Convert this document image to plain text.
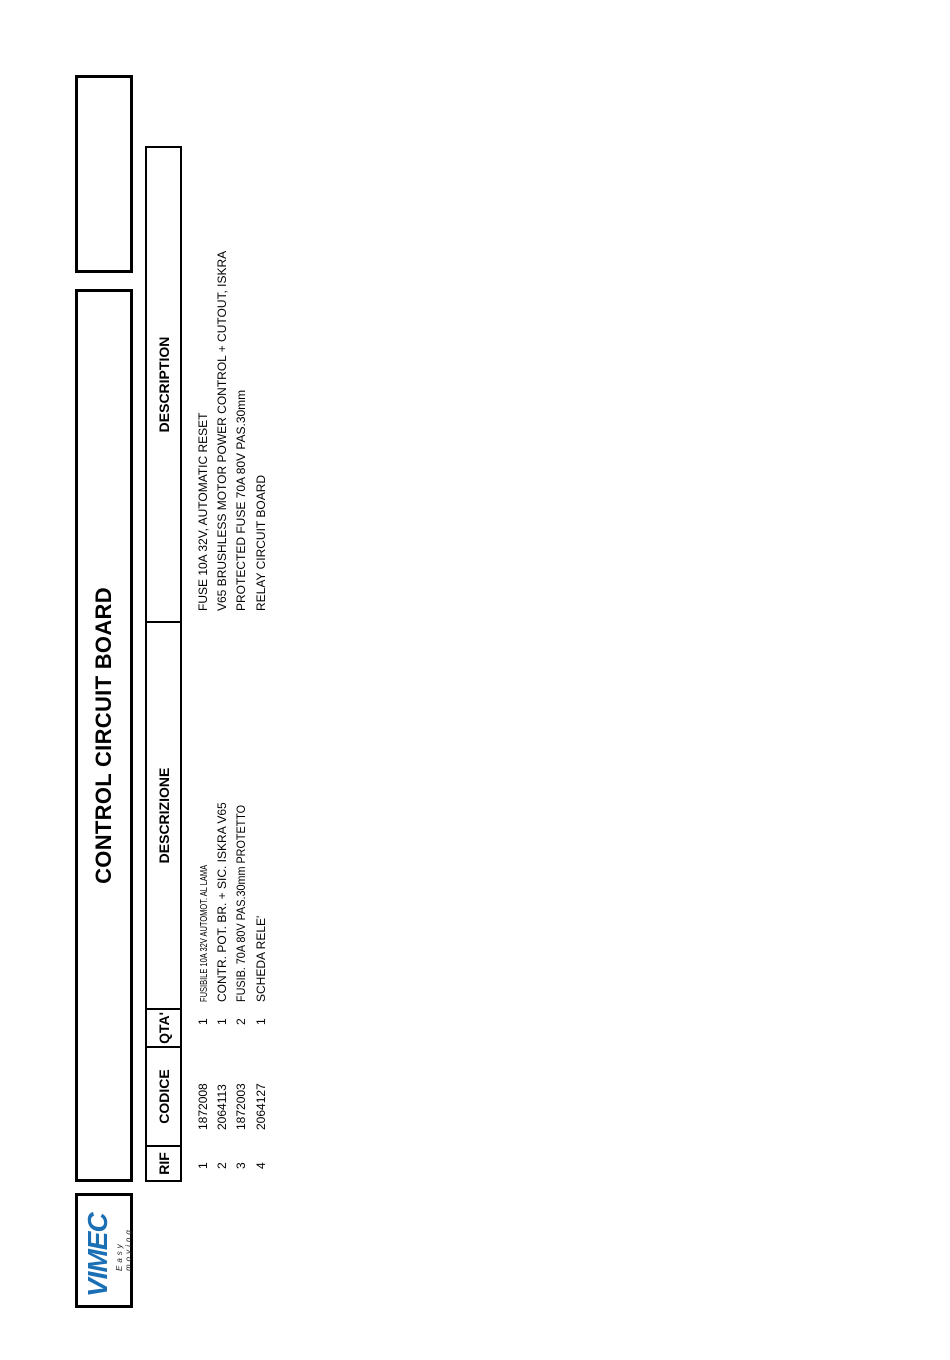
VIMEC Easy moving
CONTROL CIRCUIT BOARD
RIF
CODICE
QTA'
DESCRIZIONE
DESCRIPTION
1
1872008
1
FUSIBILE 10A 32V AUTOMOT. AL LAMA
FUSE 10A 32V, AUTOMATIC RESET
2
2064113
1
CONTR. POT. BR. + SIC. ISKRA V65
V65 BRUSHLESS MOTOR POWER CONTROL + CUTOUT, ISKRA
3
1872003
2
FUSIB. 70A 80V PAS.30mm PROTETTO
PROTECTED FUSE 70A 80V PAS.30mm
4
2064127
1
SCHEDA RELE'
RELAY CIRCUIT BOARD
